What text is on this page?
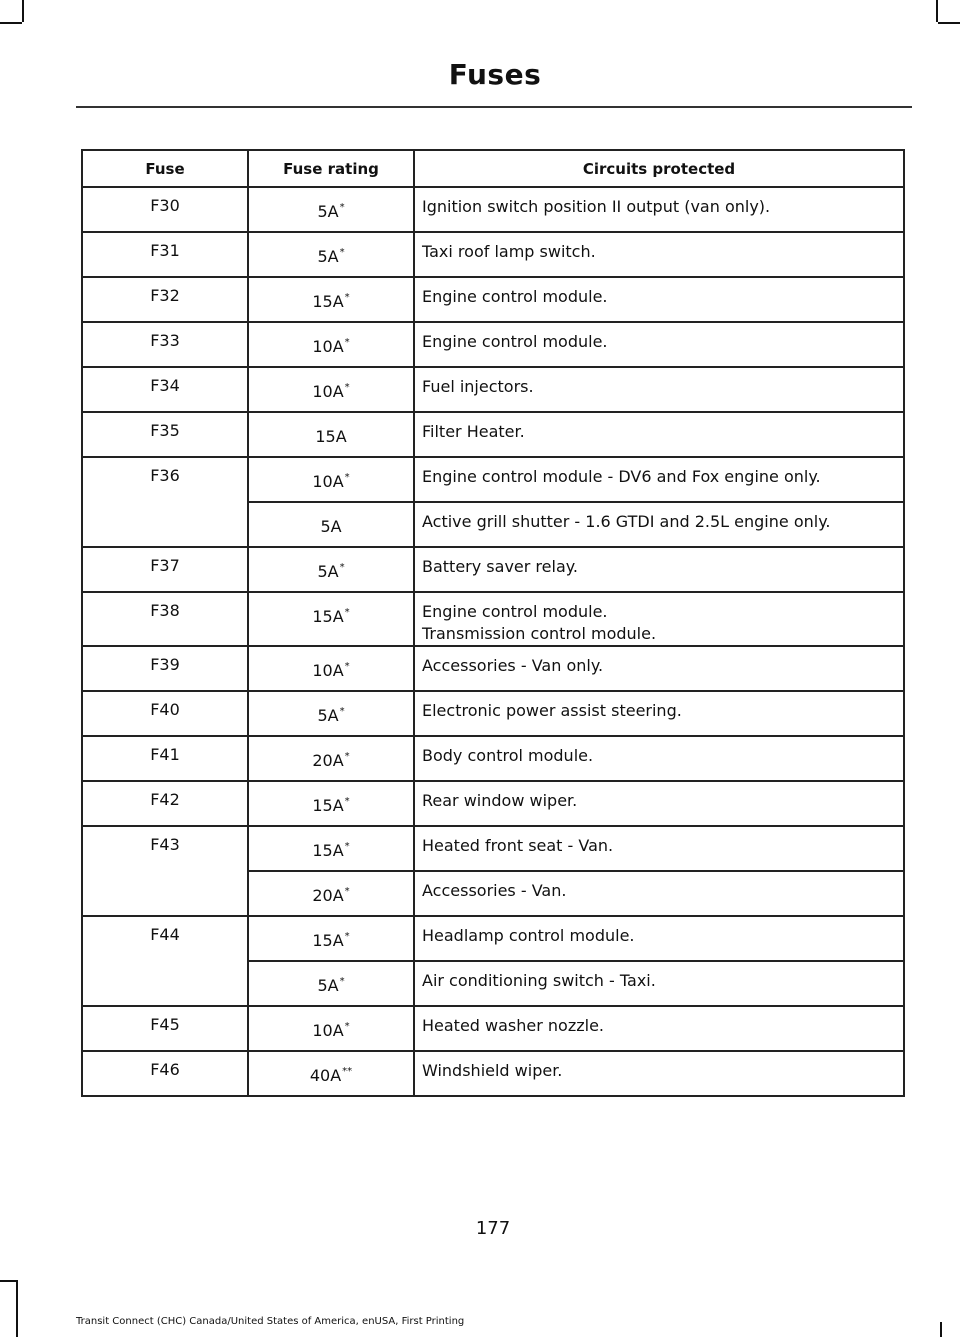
Fuses
Fuse	Fuse rating	Circuits protected

F30	5A*	Ignition switch position II output (van only).

F31	5A*	Taxi roof lamp switch.

F32	15A*	Engine control module.

F33	10A*	Engine control module.

F34	10A*	Fuel injectors.

F35	15A	Filter Heater.

F36	10A*	Engine control module - DV6 and Fox engine only.

	5A	Active grill shutter - 1.6 GTDI and 2.5L engine only.

F37	5A*	Battery saver relay.

F38	15A*	Engine control module.
Transmission control module.

F39	10A*	Accessories - Van only.

F40	5A*	Electronic power assist steering.

F41	20A*	Body control module.

F42	15A*	Rear window wiper.

F43	15A*	Heated front seat - Van.

	20A*	Accessories - Van.

F44	15A*	Headlamp control module.

	5A*	Air conditioning switch - Taxi.

F45	10A*	Heated washer nozzle.

F46	40A**	Windshield wiper.
177
Transit Connect (CHC) Canada/United States of America, enUSA, First Printing
